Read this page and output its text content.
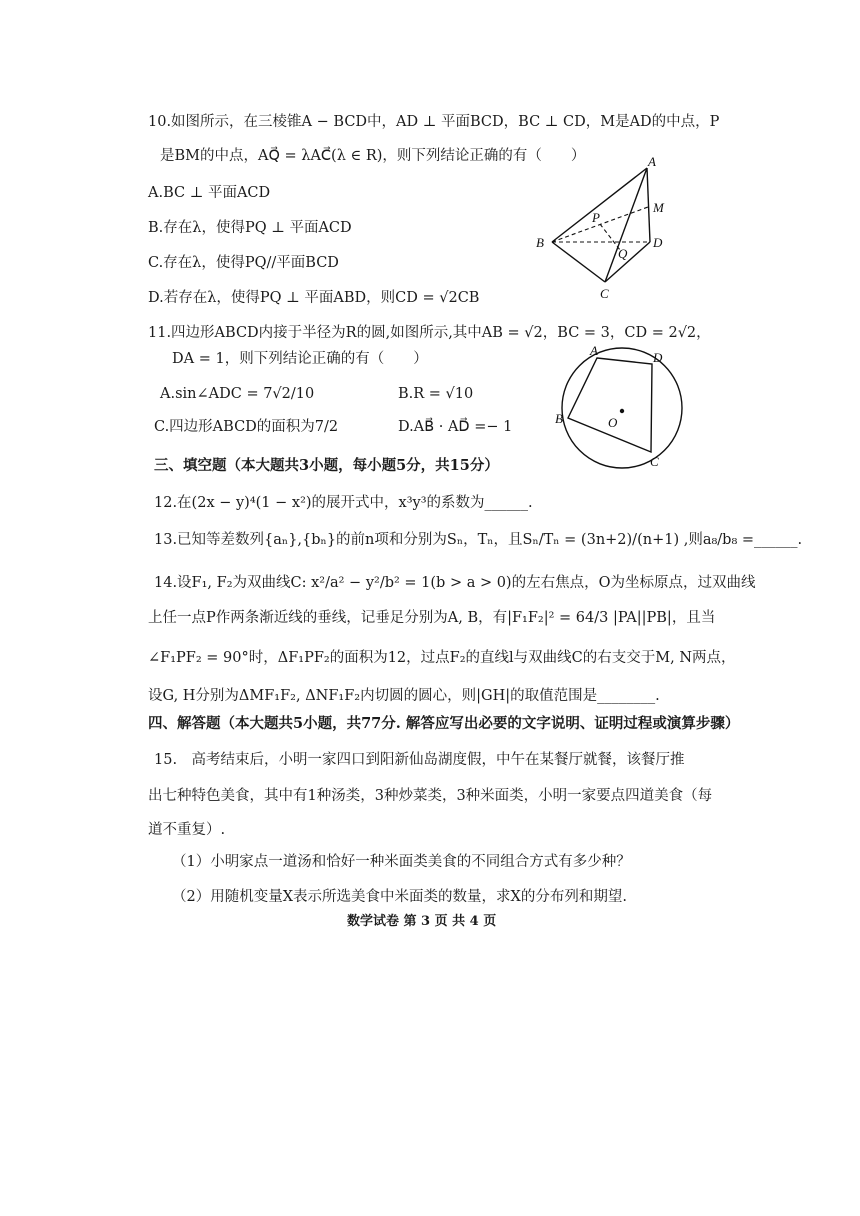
10.如图所示，在三棱锥A − BCD中，AD ⊥ 平面BCD，BC ⊥ CD，M是AD的中点，P
是BM的中点，AQ⃗ = λAC⃗(λ ∈ R)，则下列结论正确的有（　　）
A.BC ⊥ 平面ACD
B.存在λ，使得PQ ⊥ 平面ACD
C.存在λ，使得PQ//平面BCD
D.若存在λ，使得PQ ⊥ 平面ABD，则CD = √2CB
A
M
P
B	D
Q
C
11.四边形ABCD内接于半径为R的圆,如图所示,其中AB = √2，BC = 3，CD = 2√2，
DA = 1，则下列结论正确的有（　　）
A.sin∠ADC = 7√2/10	B.R = √10
C.四边形ABCD的面积为7/2	D.AB⃗ · AD⃗ =− 1
A	D
B	O
C
三、填空题（本大题共3小题，每小题5分，共15分）
12.在(2x − y)⁴(1 − x²)的展开式中，x³y³的系数为______.
13.已知等差数列{aₙ},{bₙ}的前n项和分别为Sₙ，Tₙ，且Sₙ/Tₙ = (3n+2)/(n+1) ,则a₈/b₈ =______.
14.设F₁, F₂为双曲线C: x²/a² − y²/b² = 1(b > a > 0)的左右焦点，O为坐标原点，过双曲线
上任一点P作两条渐近线的垂线，记垂足分别为A, B，有|F₁F₂|² = 64/3 |PA||PB|，且当
∠F₁PF₂ = 90°时，ΔF₁PF₂的面积为12，过点F₂的直线l与双曲线C的右支交于M, N两点，
设G, H分别为ΔMF₁F₂, ΔNF₁F₂内切圆的圆心，则|GH|的取值范围是________.
四、解答题（本大题共5小题，共77分. 解答应写出必要的文字说明、证明过程或演算步骤）
15.　高考结束后，小明一家四口到阳新仙岛湖度假，中午在某餐厅就餐，该餐厅推
出七种特色美食，其中有1种汤类，3种炒菜类，3种米面类，小明一家要点四道美食（每
道不重复）.
（1）小明家点一道汤和恰好一种米面类美食的不同组合方式有多少种？
（2）用随机变量X表示所选美食中米面类的数量，求X的分布列和期望.
数学试卷 第 3 页 共 4 页
